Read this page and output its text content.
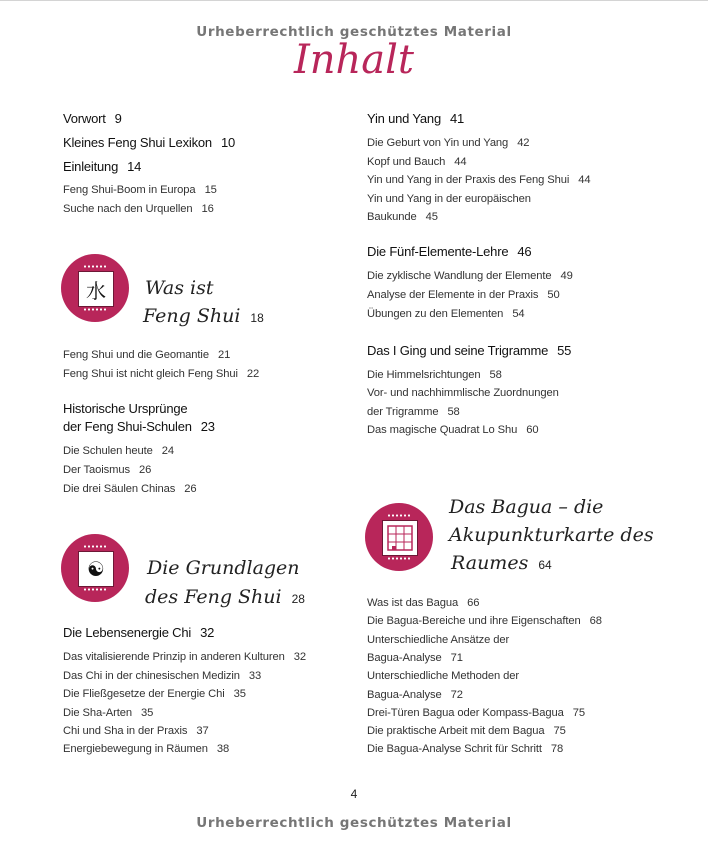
Urheberrechtlich geschütztes Material
Inhalt
Vorwort 9
Kleines Feng Shui Lexikon 10
Einleitung 14
Feng Shui-Boom in Europa 15
Suche nach den Urquellen 16
水	Was ist
Feng Shui 18
Feng Shui und die Geomantie 21
Feng Shui ist nicht gleich Feng Shui 22
Historische Ursprünge
der Feng Shui-Schulen 23
Die Schulen heute 24
Der Taoismus 26
Die drei Säulen Chinas 26
☯	Die Grundlagen
des Feng Shui 28
Die Lebensenergie Chi 32
Das vitalisierende Prinzip in anderen Kulturen 32
Das Chi in der chinesischen Medizin 33
Die Fließgesetze der Energie Chi 35
Die Sha-Arten 35
Chi und Sha in der Praxis 37
Energiebewegung in Räumen 38
Yin und Yang 41
Die Geburt von Yin und Yang 42
Kopf und Bauch 44
Yin und Yang in der Praxis des Feng Shui 44
Yin und Yang in der europäischen
Baukunde 45
Die Fünf-Elemente-Lehre 46
Die zyklische Wandlung der Elemente 49
Analyse der Elemente in der Praxis 50
Übungen zu den Elementen 54
Das I Ging und seine Trigramme 55
Die Himmelsrichtungen 58
Vor- und nachhimmlische Zuordnungen
der Trigramme 58
Das magische Quadrat Lo Shu 60
Das Bagua – die
Akupunkturkarte des
Raumes 64
Was ist das Bagua 66
Die Bagua-Bereiche und ihre Eigenschaften 68
Unterschiedliche Ansätze der
Bagua-Analyse 71
Unterschiedliche Methoden der
Bagua-Analyse 72
Drei-Türen Bagua oder Kompass-Bagua 75
Die praktische Arbeit mit dem Bagua 75
Die Bagua-Analyse Schrit für Schritt 78
4
Urheberrechtlich geschütztes Material
